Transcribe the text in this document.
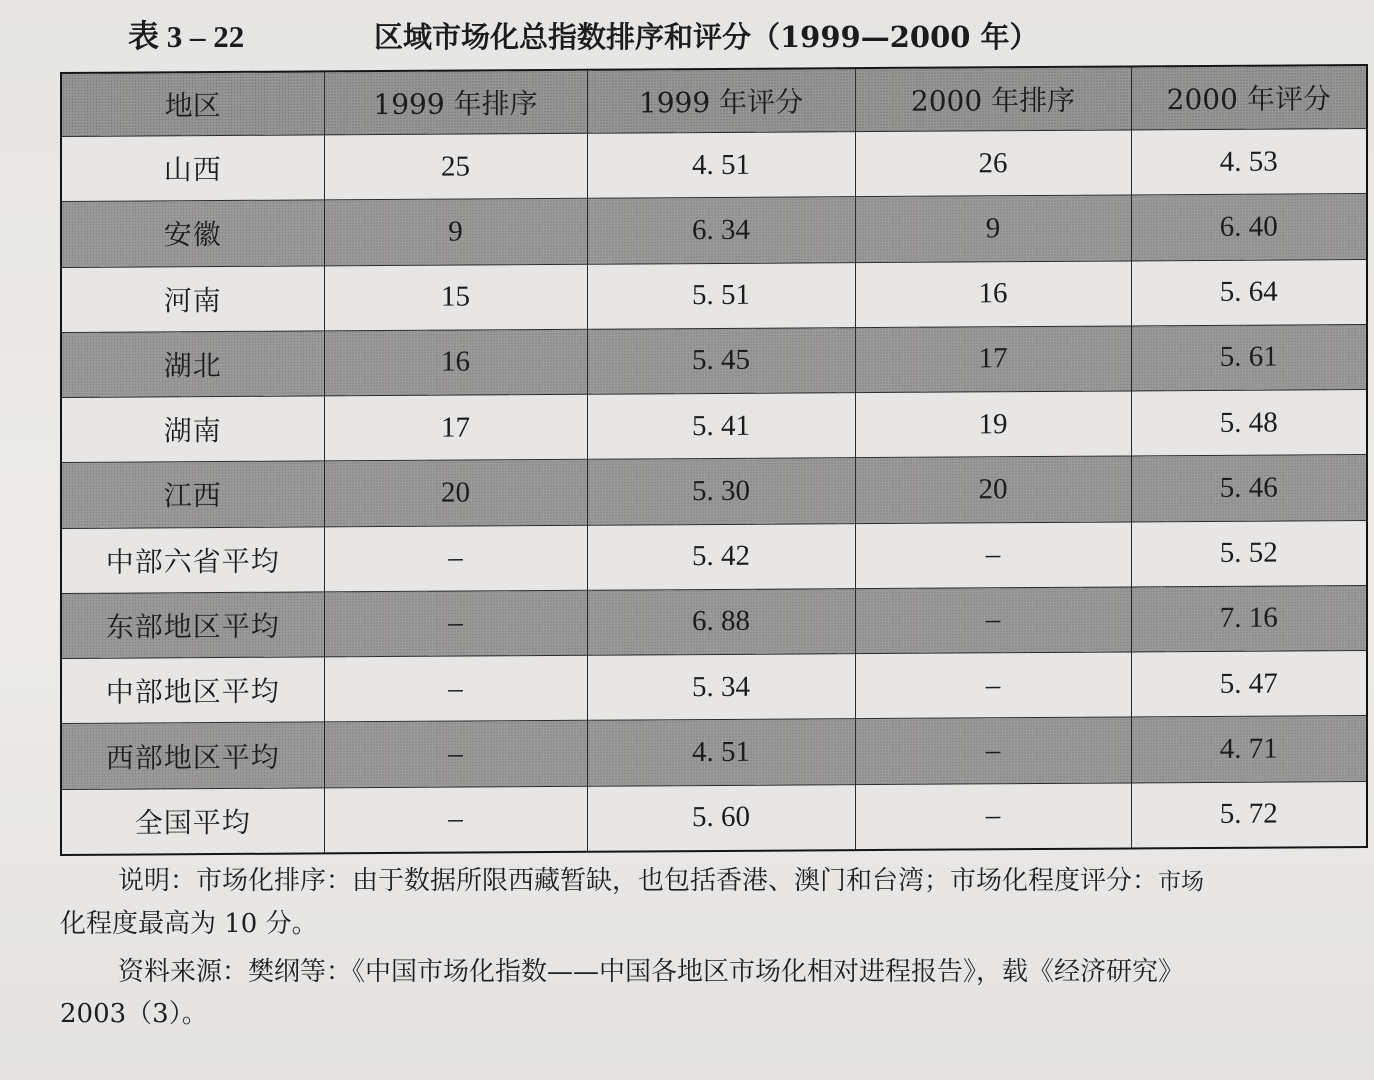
表 3 – 22	区域市场化总指数排序和评分（1999—2000 年）
地区	1999 年排序	1999 年评分	2000 年排序	2000 年评分
山西	25	4. 51	26	4. 53
安徽	9	6. 34	9	6. 40
河南	15	5. 51	16	5. 64
湖北	16	5. 45	17	5. 61
湖南	17	5. 41	19	5. 48
江西	20	5. 30	20	5. 46
中部六省平均	–	5. 42	–	5. 52
东部地区平均	–	6. 88	–	7. 16
中部地区平均	–	5. 34	–	5. 47
西部地区平均	–	4. 51	–	4. 71
全国平均	–	5. 60	–	5. 72

说明：市场化排序：由于数据所限西藏暂缺，也包括香港、澳门和台湾；市场化程度评分：市场

化程度最高为 10 分。

资料来源：樊纲等：《中国市场化指数——中国各地区市场化相对进程报告》，载《经济研究》

2003（3）。
